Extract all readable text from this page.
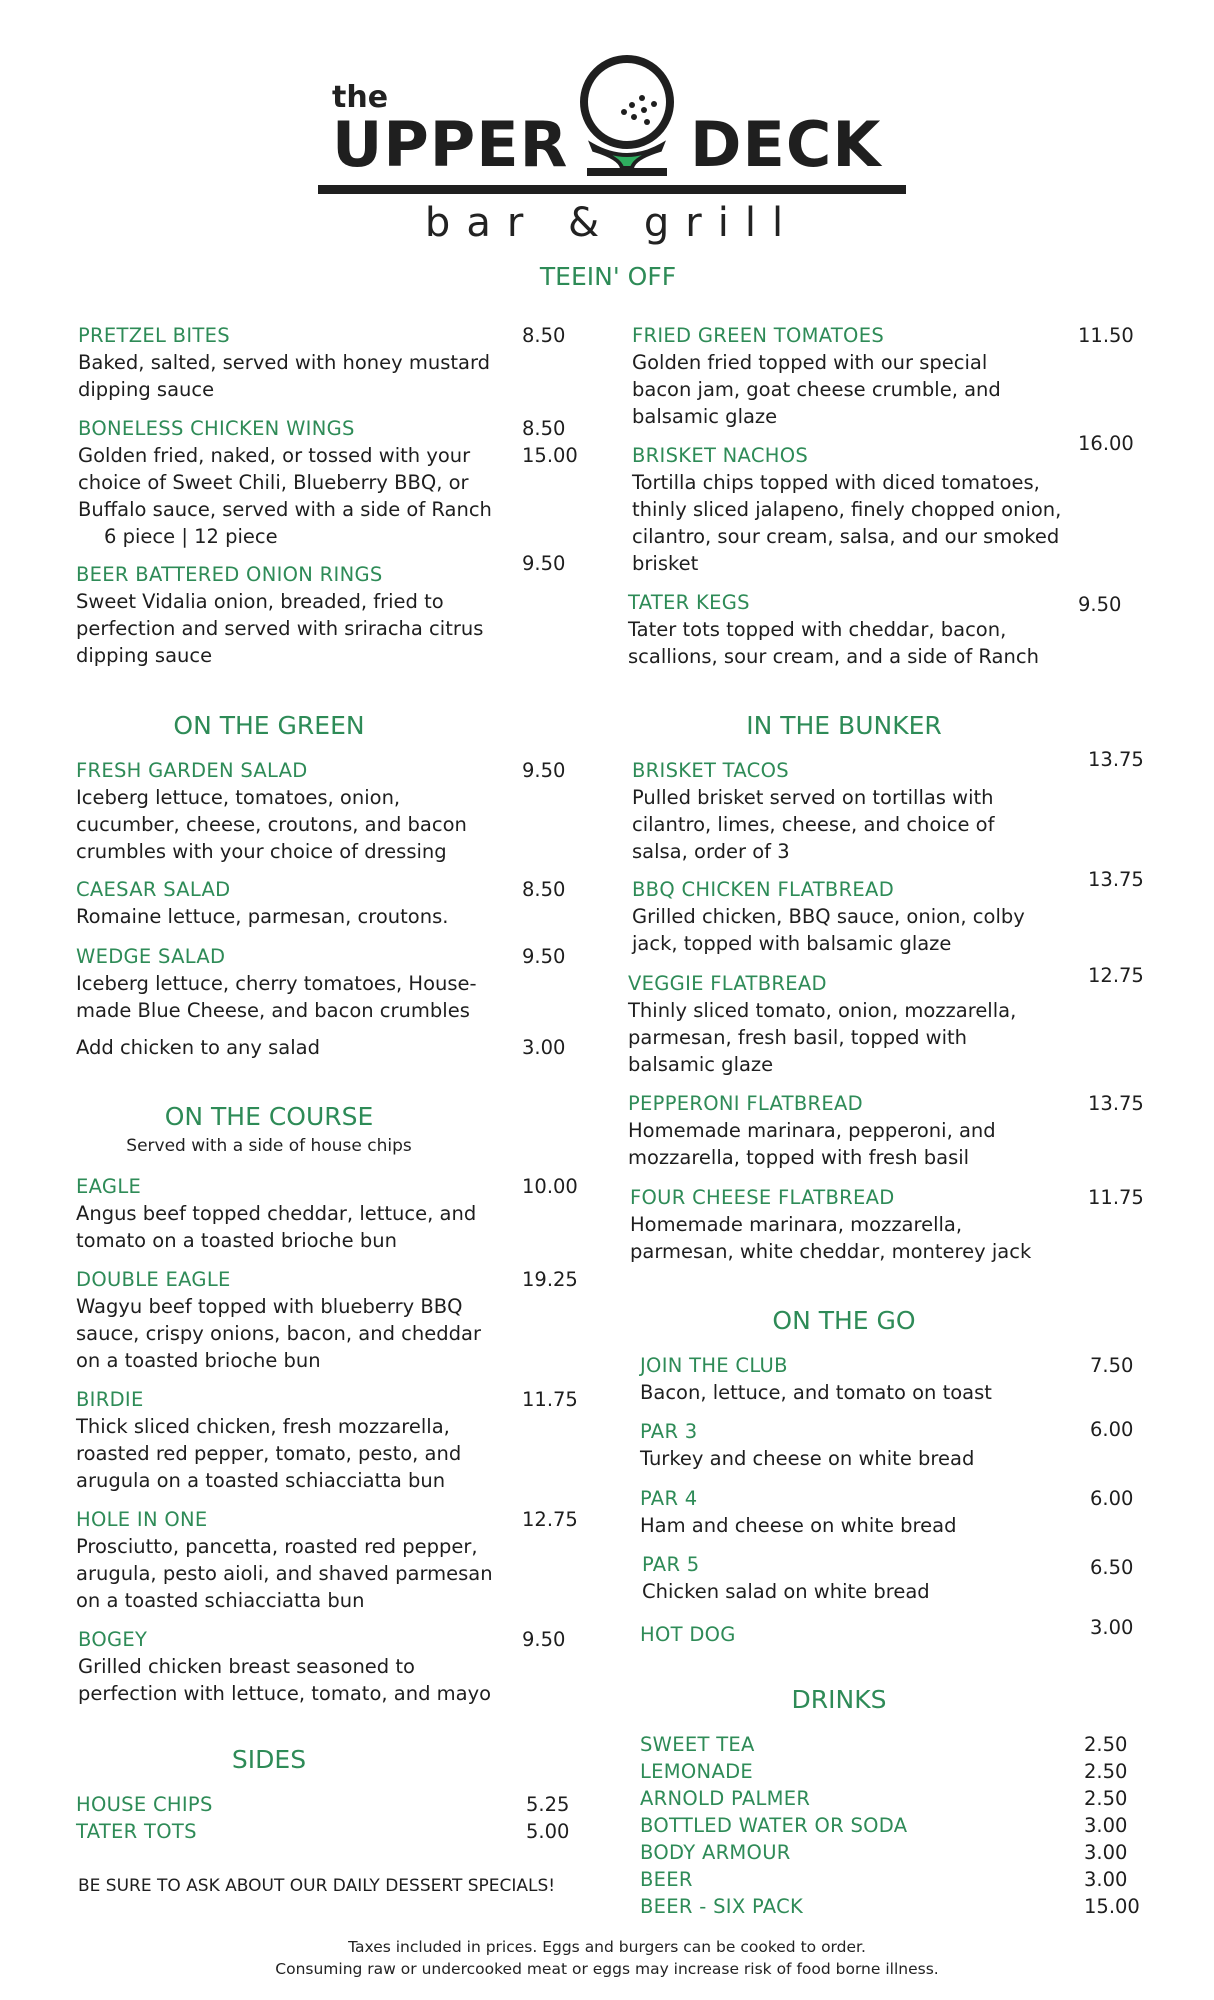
the
UPPER DECK
bar & grill
TEEIN' OFF
PRETZEL BITES
Baked, salted, served with honey mustard dipping sauce
8.50
BONELESS CHICKEN WINGS
Golden fried, naked, or tossed with your choice of Sweet Chili, Blueberry BBQ, or Buffalo sauce, served with a side of Ranch
6 piece | 12 piece
8.50
15.00
BEER BATTERED ONION RINGS
Sweet Vidalia onion, breaded, fried to perfection and served with sriracha citrus dipping sauce
9.50
FRIED GREEN TOMATOES
Golden fried topped with our special bacon jam, goat cheese crumble, and balsamic glaze
11.50
BRISKET NACHOS
Tortilla chips topped with diced tomatoes, thinly sliced jalapeno, finely chopped onion, cilantro, sour cream, salsa, and our smoked brisket
16.00
TATER KEGS
Tater tots topped with cheddar, bacon, scallions, sour cream, and a side of Ranch
9.50
ON THE GREEN
FRESH GARDEN SALAD
Iceberg lettuce, tomatoes, onion, cucumber, cheese, croutons, and bacon crumbles with your choice of dressing
9.50
CAESAR SALAD
Romaine lettuce, parmesan, croutons.
8.50
WEDGE SALAD
Iceberg lettuce, cherry tomatoes, House-made Blue Cheese, and bacon crumbles
9.50
Add chicken to any salad	3.00
ON THE COURSE
Served with a side of house chips
EAGLE
Angus beef topped cheddar, lettuce, and tomato on a toasted brioche bun
10.00
DOUBLE EAGLE
Wagyu beef topped with blueberry BBQ sauce, crispy onions, bacon, and cheddar on a toasted brioche bun
19.25
BIRDIE
Thick sliced chicken, fresh mozzarella, roasted red pepper, tomato, pesto, and arugula on a toasted schiacciatta bun
11.75
HOLE IN ONE
Prosciutto, pancetta, roasted red pepper, arugula, pesto aioli, and shaved parmesan on a toasted schiacciatta bun
12.75
BOGEY
Grilled chicken breast seasoned to perfection with lettuce, tomato, and mayo
9.50
SIDES
HOUSE CHIPS	5.25
TATER TOTS	5.00
BE SURE TO ASK ABOUT OUR DAILY DESSERT SPECIALS!
IN THE BUNKER
BRISKET TACOS
Pulled brisket served on tortillas with cilantro, limes, cheese, and choice of salsa, order of 3
13.75
BBQ CHICKEN FLATBREAD
Grilled chicken, BBQ sauce, onion, colby jack, topped with balsamic glaze
13.75
VEGGIE FLATBREAD
Thinly sliced tomato, onion, mozzarella, parmesan, fresh basil, topped with balsamic glaze
12.75
PEPPERONI FLATBREAD
Homemade marinara, pepperoni, and mozzarella, topped with fresh basil
13.75
FOUR CHEESE FLATBREAD
Homemade marinara, mozzarella, parmesan, white cheddar, monterey jack
11.75
ON THE GO
JOIN THE CLUB
Bacon, lettuce, and tomato on toast
7.50
PAR 3
Turkey and cheese on white bread
6.00
PAR 4
Ham and cheese on white bread
6.00
PAR 5
Chicken salad on white bread
6.50
HOT DOG	3.00
DRINKS
SWEET TEA	2.50
LEMONADE	2.50
ARNOLD PALMER	2.50
BOTTLED WATER OR SODA	3.00
BODY ARMOUR	3.00
BEER	3.00
BEER - SIX PACK	15.00
Taxes included in prices. Eggs and burgers can be cooked to order.
Consuming raw or undercooked meat or eggs may increase risk of food borne illness.
